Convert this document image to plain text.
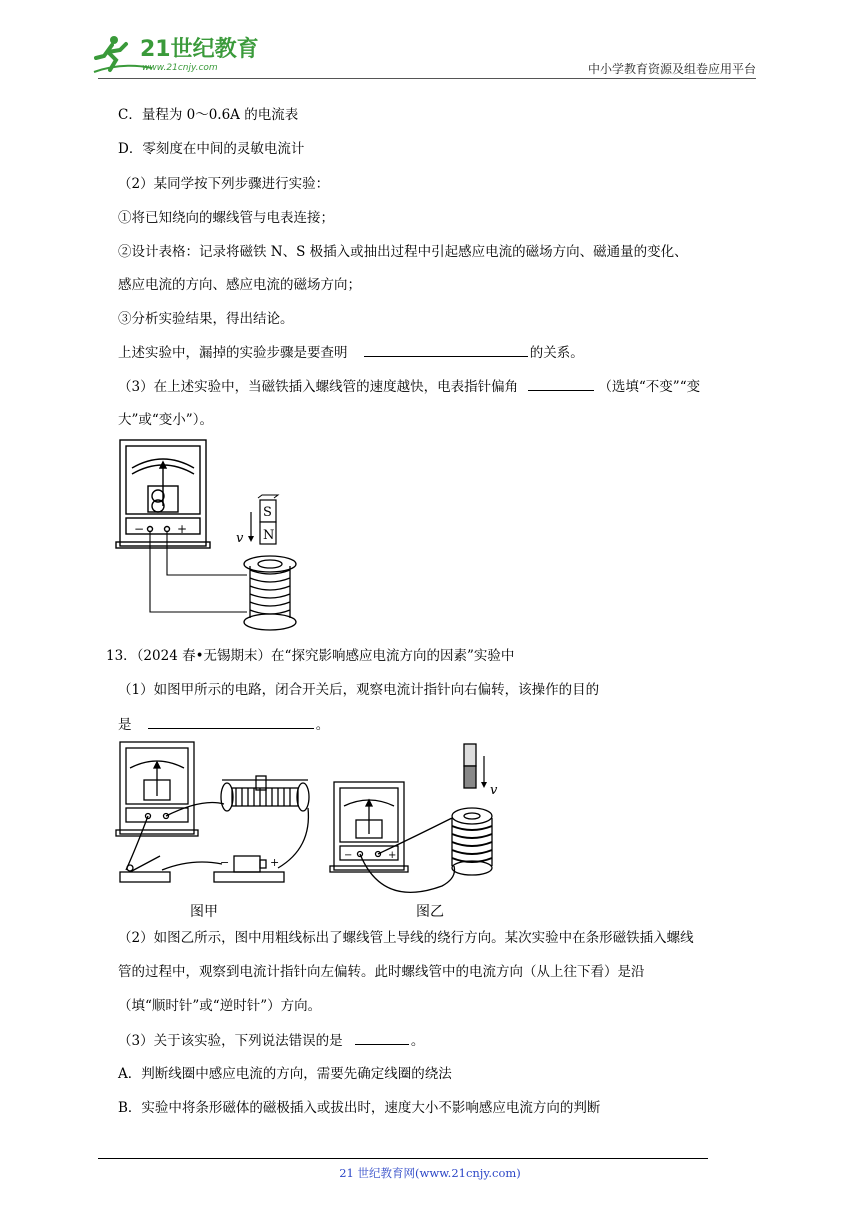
21世纪教育
www.21cnjy.com	中小学教育资源及组卷应用平台
C．量程为 0～0.6A 的电流表
D．零刻度在中间的灵敏电流计
（2）某同学按下列步骤进行实验：
①将已知绕向的螺线管与电表连接；
②设计表格：记录将磁铁 N、S 极插入或抽出过程中引起感应电流的磁场方向、磁通量的变化、
感应电流的方向、感应电流的磁场方向；
③分析实验结果，得出结论。
上述实验中，漏掉的实验步骤是要查明	的关系。
（3）在上述实验中，当磁铁插入螺线管的速度越快，电表指针偏角	（选填“不变”“变
大”或“变小”）。
−	+
S
N
v
13．（2024 春•无锡期末）在“探究影响感应电流方向的因素”实验中
（1）如图甲所示的电路，闭合开关后，观察电流计指针向右偏转，该操作的目的
是	。
−	+
图甲
v
−	+
图乙
（2）如图乙所示，图中用粗线标出了螺线管上导线的绕行方向。某次实验中在条形磁铁插入螺线
管的过程中，观察到电流计指针向左偏转。此时螺线管中的电流方向（从上往下看）是沿
（填“顺时针”或“逆时针”）方向。
（3）关于该实验，下列说法错误的是	。
A．判断线圈中感应电流的方向，需要先确定线圈的绕法
B．实验中将条形磁体的磁极插入或拔出时，速度大小不影响感应电流方向的判断
21 世纪教育网(www.21cnjy.com)
